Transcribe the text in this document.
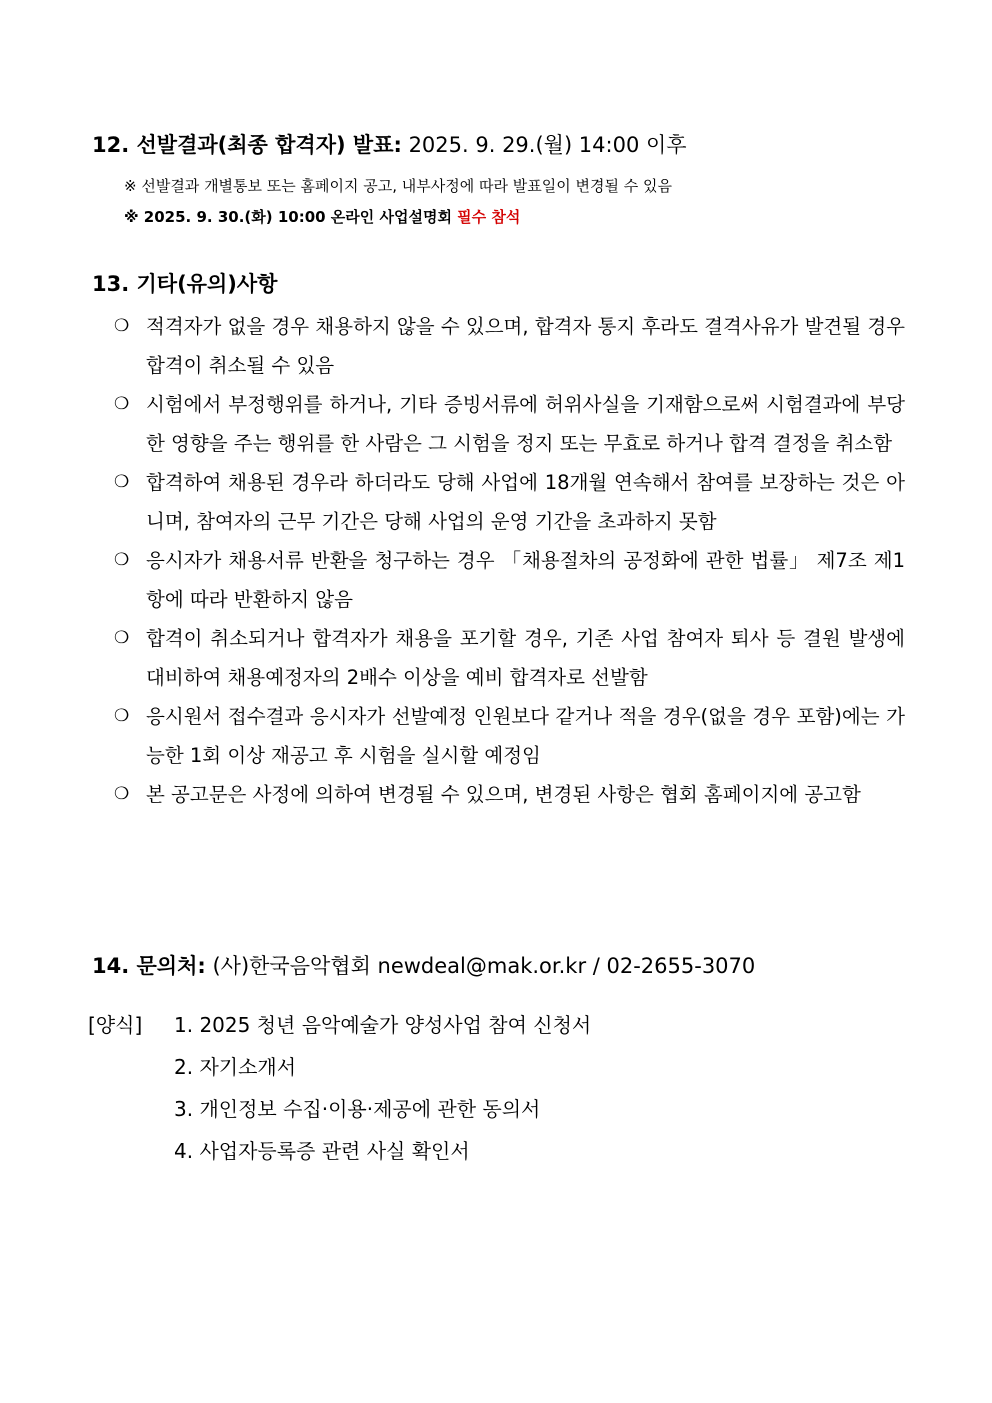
12. 선발결과(최종 합격자) 발표: 2025. 9. 29.(월) 14:00 이후
※ 선발결과 개별통보 또는 홈페이지 공고, 내부사정에 따라 발표일이 변경될 수 있음
※ 2025. 9. 30.(화) 10:00 온라인 사업설명회 필수 참석
13. 기타(유의)사항
❍ 적격자가 없을 경우 채용하지 않을 수 있으며, 합격자 통지 후라도 결격사유가 발견될 경우 합격이 취소될 수 있음
❍ 시험에서 부정행위를 하거나, 기타 증빙서류에 허위사실을 기재함으로써 시험결과에 부당한 영향을 주는 행위를 한 사람은 그 시험을 정지 또는 무효로 하거나 합격 결정을 취소함
❍ 합격하여 채용된 경우라 하더라도 당해 사업에 18개월 연속해서 참여를 보장하는 것은 아니며, 참여자의 근무 기간은 당해 사업의 운영 기간을 초과하지 못함
❍ 응시자가 채용서류 반환을 청구하는 경우 「채용절차의 공정화에 관한 법률」 제7조 제1항에 따라 반환하지 않음
❍ 합격이 취소되거나 합격자가 채용을 포기할 경우, 기존 사업 참여자 퇴사 등 결원 발생에 대비하여 채용예정자의 2배수 이상을 예비 합격자로 선발함
❍ 응시원서 접수결과 응시자가 선발예정 인원보다 같거나 적을 경우(없을 경우 포함)에는 가능한 1회 이상 재공고 후 시험을 실시할 예정임
❍ 본 공고문은 사정에 의하여 변경될 수 있으며, 변경된 사항은 협회 홈페이지에 공고함
14. 문의처: (사)한국음악협회 newdeal@mak.or.kr / 02-2655-3070
[양식] 1. 2025 청년 음악예술가 양성사업 참여 신청서
2. 자기소개서
3. 개인정보 수집·이용·제공에 관한 동의서
4. 사업자등록증 관련 사실 확인서
